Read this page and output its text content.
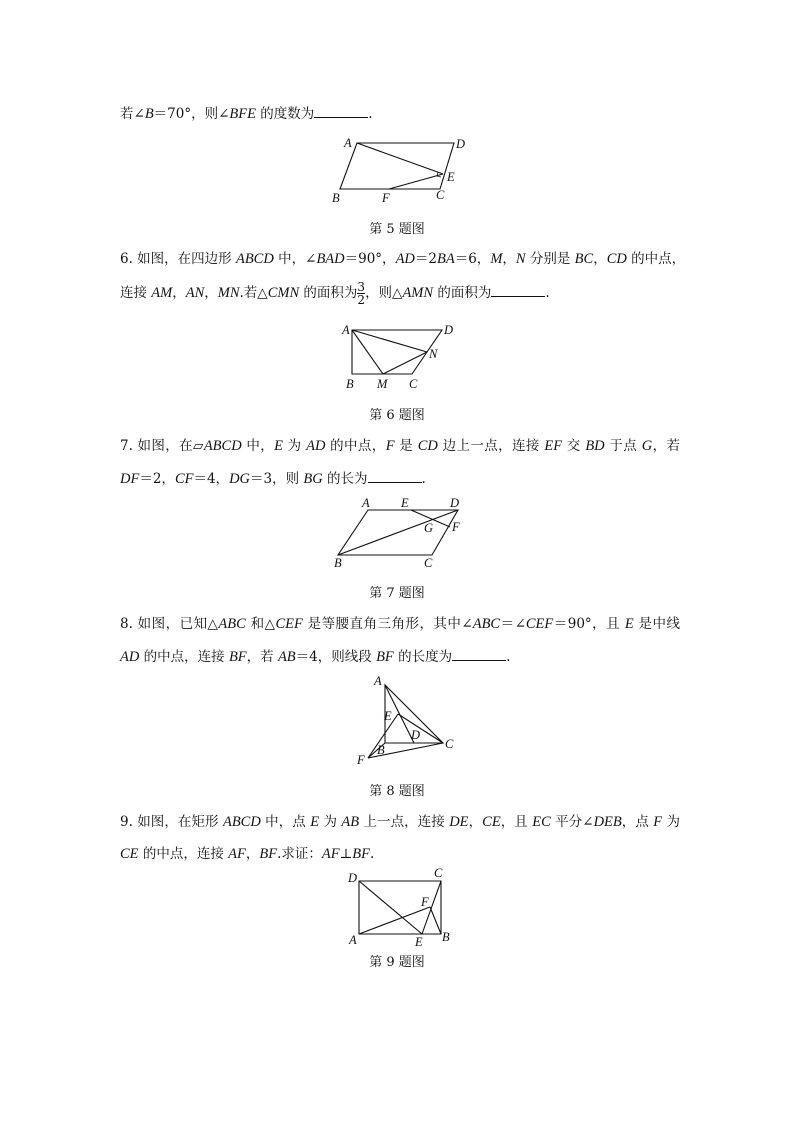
若∠B＝70°，则∠BFE 的度数为	.
6. 如图，在四边形 ABCD 中，∠BAD＝90°，AD＝2BA＝6，M，N 分别是 BC，CD 的中点，
连接 AM，AN，MN.若△CMN 的面积为 $\frac{3}{2}$ ，则△AMN 的面积为	.
7. 如图，在▱ABCD 中，E 为 AD 的中点，F 是 CD 边上一点，连接 EF 交 BD 于点 G，若
DF＝2，CF＝4，DG＝3，则 BG 的长为	.
8. 如图，已知△ABC 和△CEF 是等腰直角三角形，其中∠ABC＝∠CEF＝90°，且 E 是中线
AD 的中点，连接 BF，若 AB＝4，则线段 BF 的长度为	.
9. 如图，在矩形 ABCD 中，点 E 为 AB 上一点，连接 DE，CE，且 EC 平分∠DEB，点 F 为
CE 的中点，连接 AF，BF.求证：AF⊥BF.
第 5 题图
第 6 题图
第 7 题图
第 8 题图
第 9 题图
A	D
E
B	F	C
A	D
N
B M C
A	E	D
G F
B	C
A
E
D
C
B
F
D	C
F
A	E B
